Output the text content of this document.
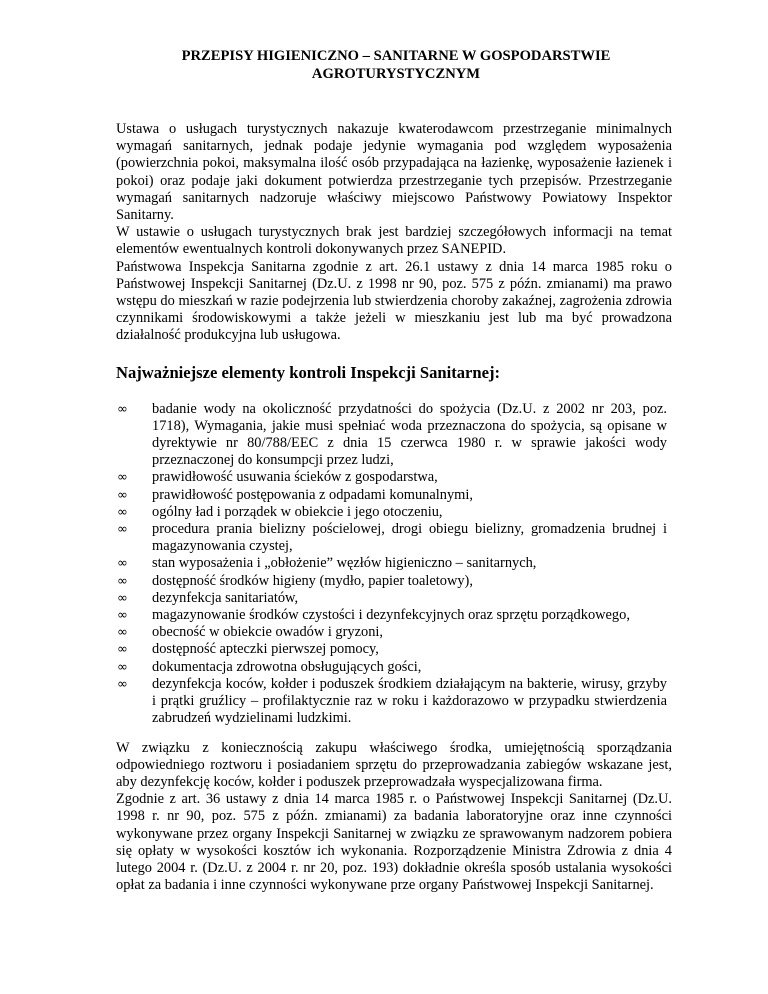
PRZEPISY HIGIENICZNO – SANITARNE W GOSPODARSTWIE
AGROTURYSTYCZNYM

Ustawa o usługach turystycznych nakazuje kwaterodawcom przestrzeganie minimalnych wymagań sanitarnych, jednak podaje jedynie wymagania pod względem wyposażenia (powierzchnia pokoi, maksymalna ilość osób przypadająca na łazienkę, wyposażenie łazienek i pokoi) oraz podaje jaki dokument potwierdza przestrzeganie tych przepisów. Przestrzeganie wymagań sanitarnych nadzoruje właściwy miejscowo Państwowy Powiatowy Inspektor Sanitarny.

W ustawie o usługach turystycznych brak jest bardziej szczegółowych informacji na temat elementów ewentualnych kontroli dokonywanych przez SANEPID.

Państwowa Inspekcja Sanitarna zgodnie z art. 26.1 ustawy z dnia 14 marca 1985 roku o Państwowej Inspekcji Sanitarnej (Dz.U. z 1998 nr 90, poz. 575 z późn. zmianami) ma prawo wstępu do mieszkań w razie podejrzenia lub stwierdzenia choroby zakaźnej, zagrożenia zdrowia czynnikami środowiskowymi a także jeżeli w mieszkaniu jest lub ma być prowadzona działalność produkcyjna lub usługowa.

Najważniejsze elementy kontroli Inspekcji Sanitarnej:
∞ badanie wody na okoliczność przydatności do spożycia (Dz.U. z 2002 nr 203, poz. 1718), Wymagania, jakie musi spełniać woda przeznaczona do spożycia, są opisane w dyrektywie nr 80/788/EEC z dnia 15 czerwca 1980 r. w sprawie jakości wody przeznaczonej do konsumpcji przez ludzi,
∞ prawidłowość usuwania ścieków z gospodarstwa,
∞ prawidłowość postępowania z odpadami komunalnymi,
∞ ogólny ład i porządek w obiekcie i jego otoczeniu,
∞ procedura prania bielizny pościelowej, drogi obiegu bielizny, gromadzenia brudnej i magazynowania czystej,
∞ stan wyposażenia i „obłożenie” węzłów higieniczno – sanitarnych,
∞ dostępność środków higieny (mydło, papier toaletowy),
∞ dezynfekcja sanitariatów,
∞ magazynowanie środków czystości i dezynfekcyjnych oraz sprzętu porządkowego,
∞ obecność w obiekcie owadów i gryzoni,
∞ dostępność apteczki pierwszej pomocy,
∞ dokumentacja zdrowotna obsługujących gości,
∞ dezynfekcja koców, kołder i poduszek środkiem działającym na bakterie, wirusy, grzyby i prątki gruźlicy – profilaktycznie raz w roku i każdorazowo w przypadku stwierdzenia zabrudzeń wydzielinami ludzkimi.

W związku z koniecznością zakupu właściwego środka, umiejętnością sporządzania odpowiedniego roztworu i posiadaniem sprzętu do przeprowadzania zabiegów wskazane jest, aby dezynfekcję koców, kołder i poduszek przeprowadzała wyspecjalizowana firma.

Zgodnie z art. 36 ustawy z dnia 14 marca 1985 r. o Państwowej Inspekcji Sanitarnej (Dz.U. 1998 r. nr 90, poz. 575 z późn. zmianami) za badania laboratoryjne oraz inne czynności wykonywane przez organy Inspekcji Sanitarnej w związku ze sprawowanym nadzorem pobiera się opłaty w wysokości kosztów ich wykonania. Rozporządzenie Ministra Zdrowia z dnia 4 lutego 2004 r. (Dz.U. z 2004 r. nr 20, poz. 193) dokładnie określa sposób ustalania wysokości opłat za badania i inne czynności wykonywane prze organy Państwowej Inspekcji Sanitarnej.
